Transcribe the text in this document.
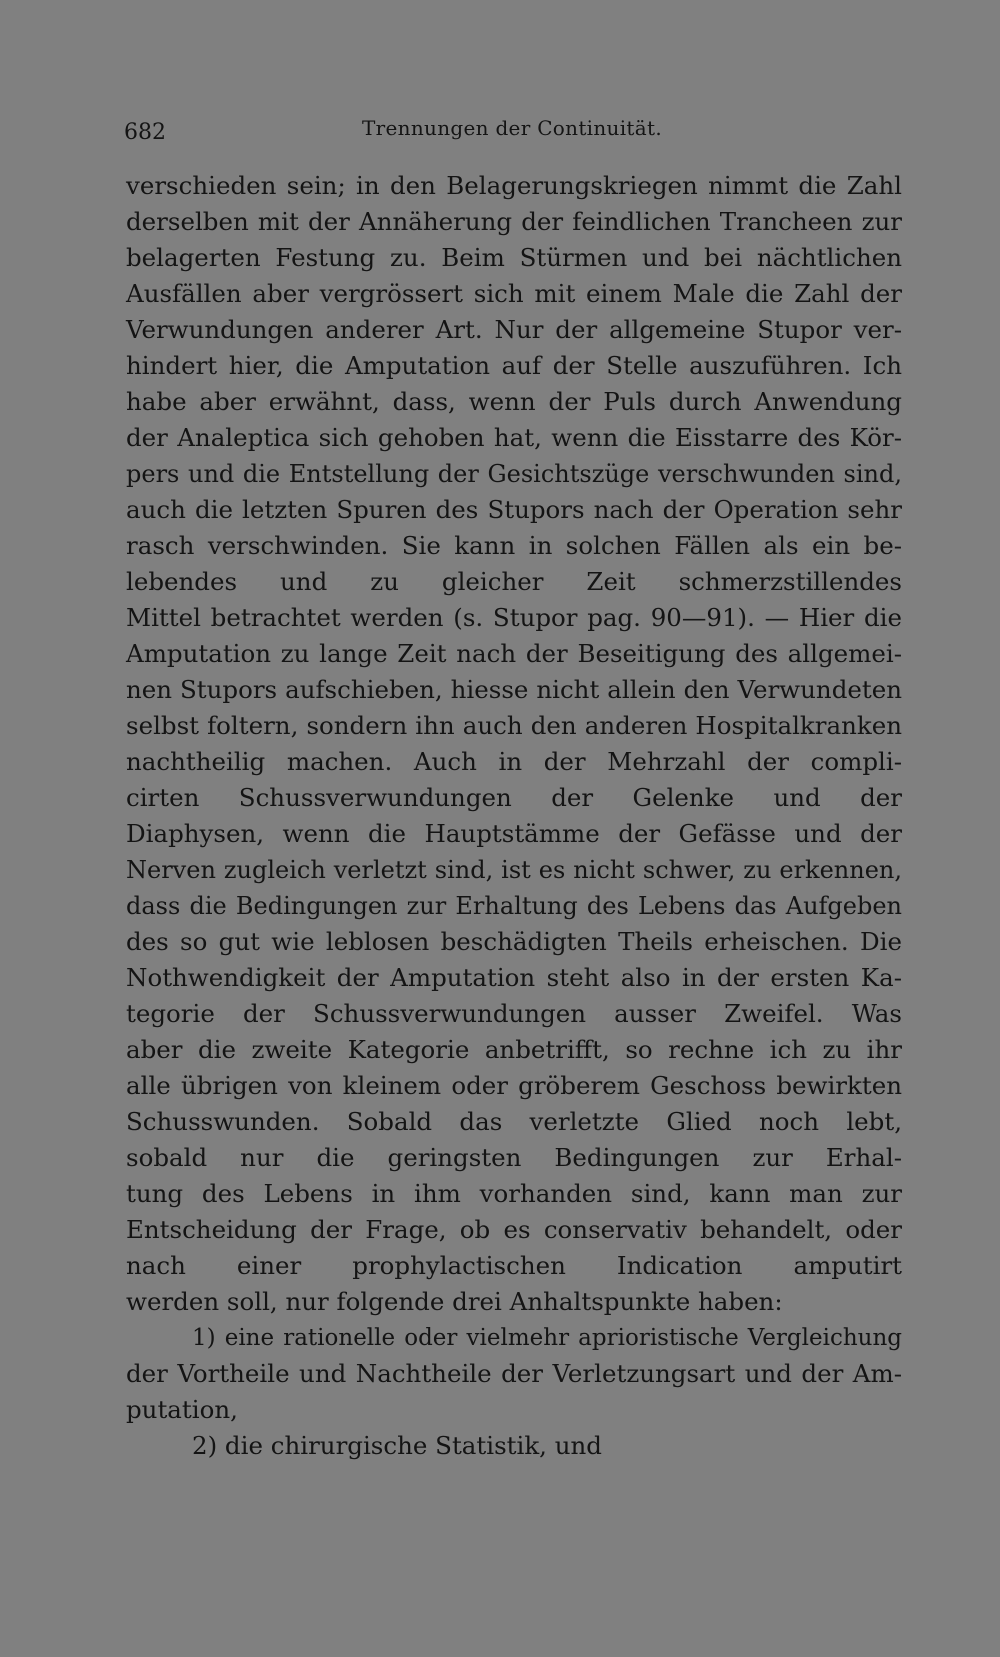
682	Trennungen der Continuität.
verschieden sein; in den Belagerungskriegen nimmt die Zahl
derselben mit der Annäherung der feindlichen Trancheen zur
belagerten Festung zu. Beim Stürmen und bei nächtlichen
Ausfällen aber vergrössert sich mit einem Male die Zahl der
Verwundungen anderer Art. Nur der allgemeine Stupor ver-
hindert hier, die Amputation auf der Stelle auszuführen. Ich
habe aber erwähnt, dass, wenn der Puls durch Anwendung
der Analeptica sich gehoben hat, wenn die Eisstarre des Kör-
pers und die Entstellung der Gesichtszüge verschwunden sind,
auch die letzten Spuren des Stupors nach der Operation sehr
rasch verschwinden. Sie kann in solchen Fällen als ein be-
lebendes und zu gleicher Zeit schmerzstillendes
Mittel betrachtet werden (s. Stupor pag. 90—91). — Hier die
Amputation zu lange Zeit nach der Beseitigung des allgemei-
nen Stupors aufschieben, hiesse nicht allein den Verwundeten
selbst foltern, sondern ihn auch den anderen Hospitalkranken
nachtheilig machen. Auch in der Mehrzahl der compli-
cirten Schussverwundungen der Gelenke und der
Diaphysen, wenn die Hauptstämme der Gefässe und der
Nerven zugleich verletzt sind, ist es nicht schwer, zu erkennen,
dass die Bedingungen zur Erhaltung des Lebens das Aufgeben
des so gut wie leblosen beschädigten Theils erheischen. Die
Nothwendigkeit der Amputation steht also in der ersten Ka-
tegorie der Schussverwundungen ausser Zweifel. Was
aber die zweite Kategorie anbetrifft, so rechne ich zu ihr
alle übrigen von kleinem oder gröberem Geschoss bewirkten
Schusswunden. Sobald das verletzte Glied noch lebt,
sobald nur die geringsten Bedingungen zur Erhal-
tung des Lebens in ihm vorhanden sind, kann man zur
Entscheidung der Frage, ob es conservativ behandelt, oder
nach einer prophylactischen Indication amputirt
werden soll, nur folgende drei Anhaltspunkte haben:
1) eine rationelle oder vielmehr aprioristische Vergleichung
der Vortheile und Nachtheile der Verletzungsart und der Am-
putation,
2) die chirurgische Statistik, und
